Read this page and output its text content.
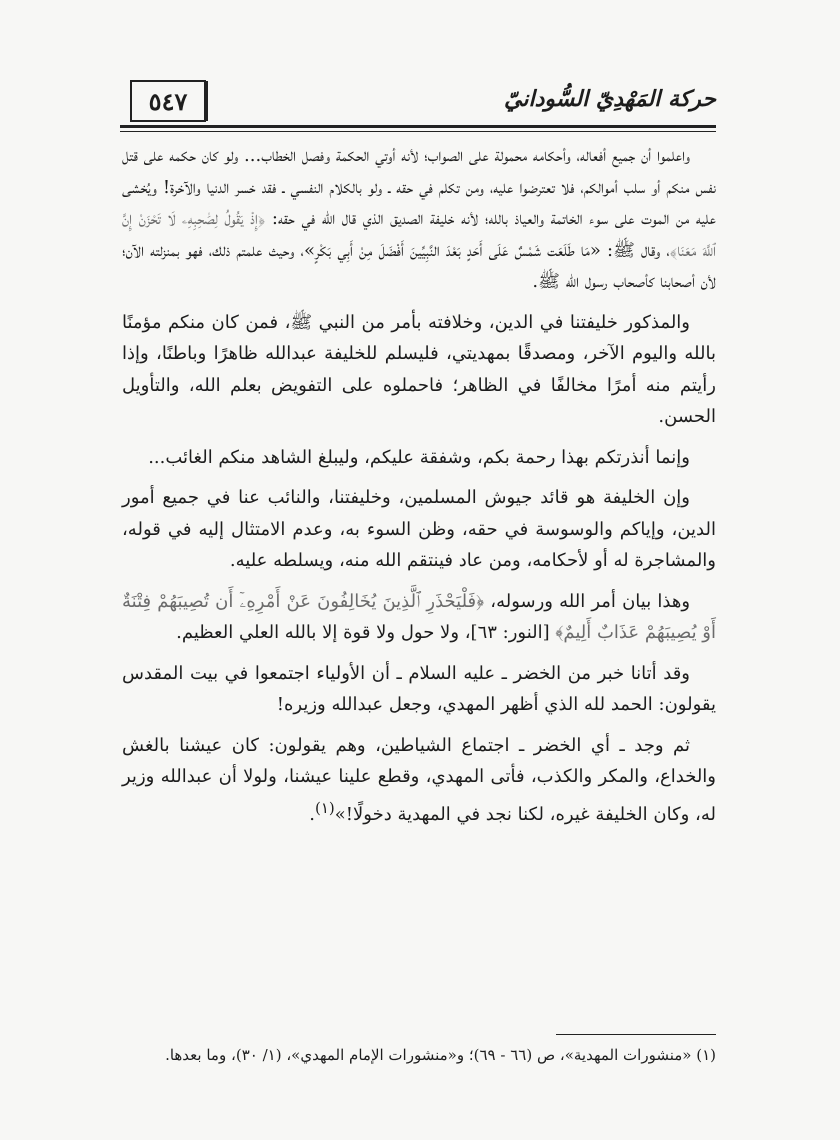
٥٤٧	حركة المَهْدِيّ السُّودانيّ

واعلموا أن جميع أفعاله، وأحكامه محمولة على الصواب؛ لأنه أوتي الحكمة وفصل الخطاب... ولو كان حكمه على قتل نفس منكم أو سلب أموالكم، فلا تعترضوا عليه، ومن تكلم في حقه ـ ولو بالكلام النفسي ـ فقد خسر الدنيا والآخرة! ويُخشى عليه من الموت على سوء الخاتمة والعياذ بالله؛ لأنه خليفة الصديق الذي قال الله في حقه: ﴿إِذْ يَقُولُ لِصَٰحِبِهِۦ لَا تَحْزَنْ إِنَّ ٱللَّهَ مَعَنَا﴾، وقال ﷺ: «مَا طَلَعَت شَمْسٌ عَلَى أَحَدٍ بَعْدَ النَّبِيِّينَ أَفْضَلَ مِنْ أَبِي بَكْرٍ»، وحيث علمتم ذلك، فهو بمنزلته الآن؛ لأن أصحابنا كأصحاب رسول الله ﷺ.

والمذكور خليفتنا في الدين، وخلافته بأمر من النبي ﷺ، فمن كان منكم مؤمنًا بالله واليوم الآخر، ومصدقًا بمهديتي، فليسلم للخليفة عبدالله ظاهرًا وباطنًا، وإذا رأيتم منه أمرًا مخالفًا في الظاهر؛ فاحملوه على التفويض بعلم الله، والتأويل الحسن.

وإنما أنذرتكم بهذا رحمة بكم، وشفقة عليكم، وليبلغ الشاهد منكم الغائب...

وإن الخليفة هو قائد جيوش المسلمين، وخليفتنا، والنائب عنا في جميع أمور الدين، وإياكم والوسوسة في حقه، وظن السوء به، وعدم الامتثال إليه في قوله، والمشاجرة له أو لأحكامه، ومن عاد فينتقم الله منه، ويسلطه عليه.

وهذا بيان أمر الله ورسوله، ﴿فَلْيَحْذَرِ ٱلَّذِينَ يُخَالِفُونَ عَنْ أَمْرِهِۦٓ أَن تُصِيبَهُمْ فِتْنَةٌ أَوْ يُصِيبَهُمْ عَذَابٌ أَلِيمٌ﴾ [النور: ٦٣]، ولا حول ولا قوة إلا بالله العلي العظيم.

وقد أتانا خبر من الخضر ـ عليه السلام ـ أن الأولياء اجتمعوا في بيت المقدس يقولون: الحمد لله الذي أظهر المهدي، وجعل عبدالله وزيره!

ثم وجد ـ أي الخضر ـ اجتماع الشياطين، وهم يقولون: كان عيشنا بالغش والخداع، والمكر والكذب، فأتى المهدي، وقطع علينا عيشنا، ولولا أن عبدالله وزير له، وكان الخليفة غيره، لكنا نجد في المهدية دخولًا!»$^{(١)}$.

(١) «منشورات المهدية»، ص (٦٦ - ٦٩)؛ و«منشورات الإمام المهدي»، (١/ ٣٠)، وما بعدها.
